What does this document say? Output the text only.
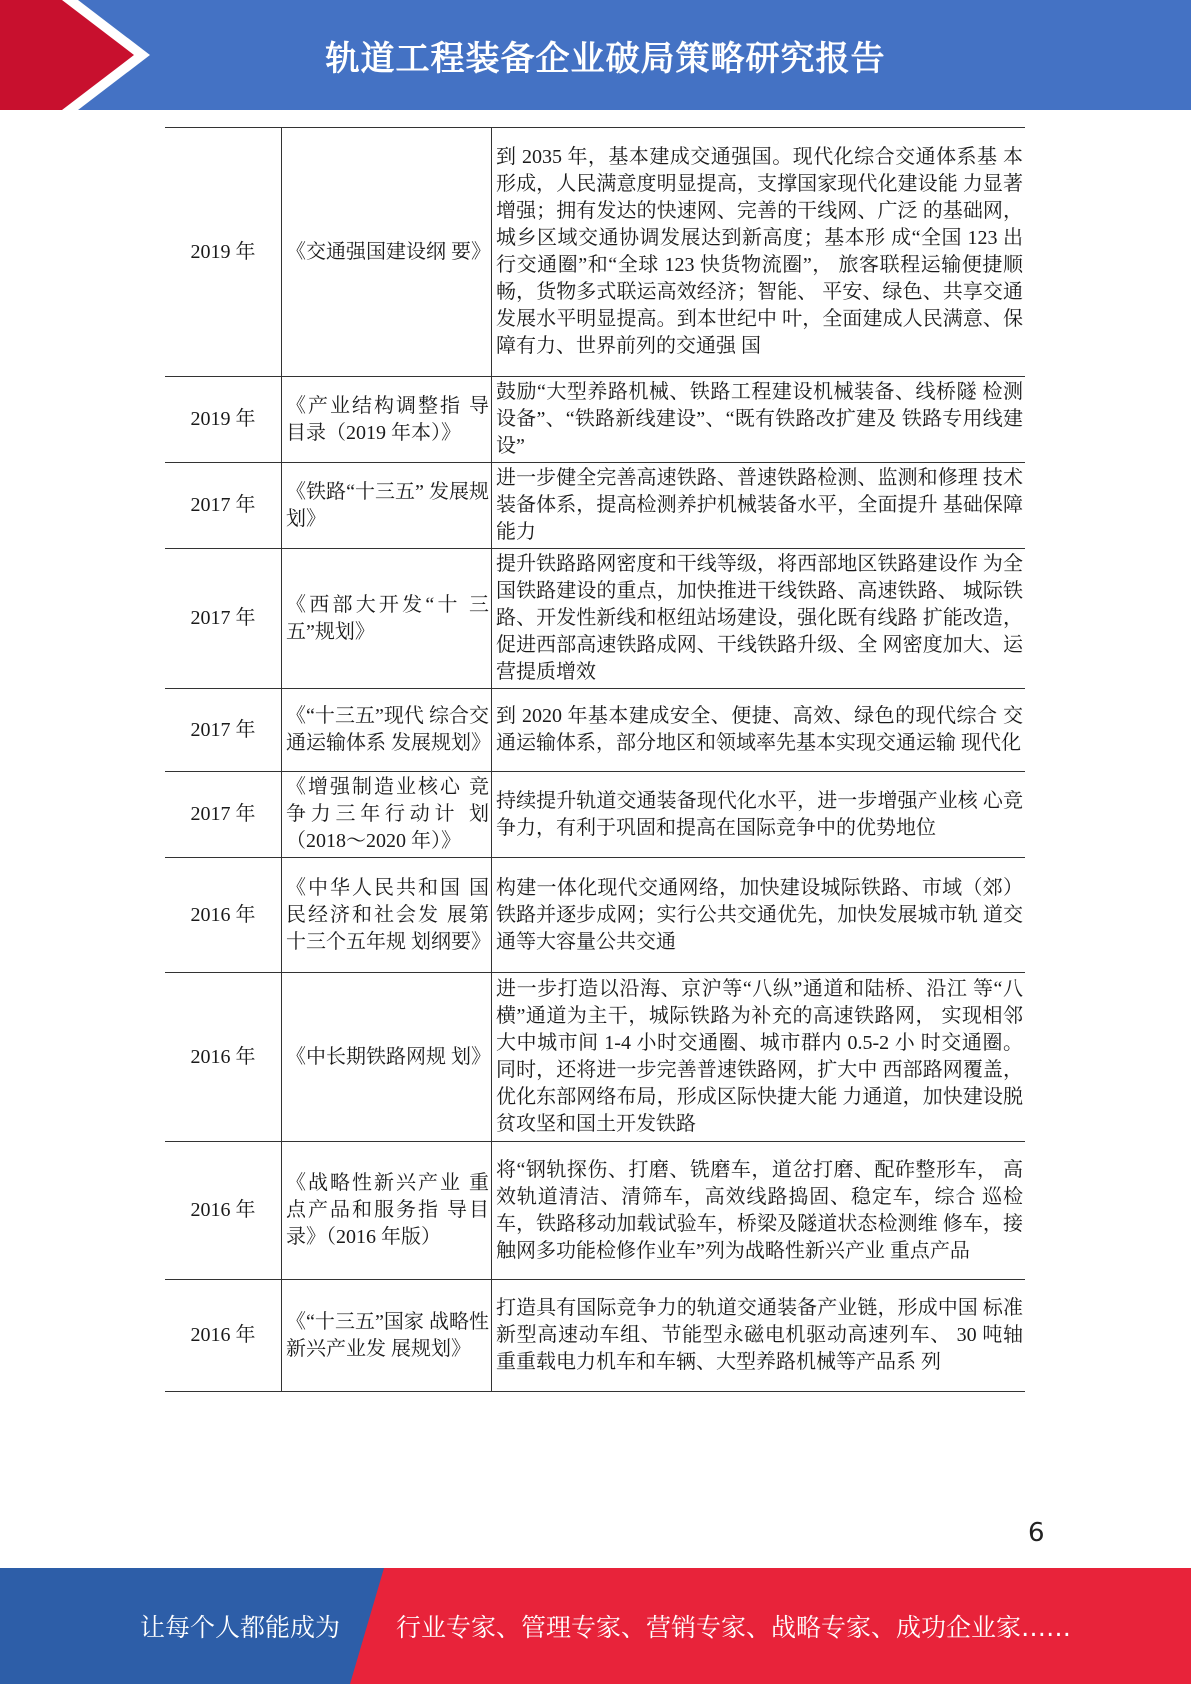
轨道工程装备企业破局策略研究报告
2019 年	《交通强国建设纲 要》	到 2035 年，基本建成交通强国。现代化综合交通体系基 本形成，人民满意度明显提高，支撑国家现代化建设能 力显著增强；拥有发达的快速网、完善的干线网、广泛 的基础网，城乡区域交通协调发展达到新高度；基本形 成“全国 123 出行交通圈”和“全球 123 快货物流圈”， 旅客联程运输便捷顺畅，货物多式联运高效经济；智能、 平安、绿色、共享交通发展水平明显提高。到本世纪中 叶，全面建成人民满意、保障有力、世界前列的交通强 国
2019 年	《产业结构调整指 导目录（2019 年本）》	鼓励“大型养路机械、铁路工程建设机械装备、线桥隧 检测设备”、“铁路新线建设”、“既有铁路改扩建及 铁路专用线建设”
2017 年	《铁路“十三五” 发展规划》	进一步健全完善高速铁路、普速铁路检测、监测和修理 技术装备体系，提高检测养护机械装备水平，全面提升 基础保障能力
2017 年	《西部大开发“十 三五”规划》	提升铁路路网密度和干线等级，将西部地区铁路建设作 为全国铁路建设的重点，加快推进干线铁路、高速铁路、 城际铁路、开发性新线和枢纽站场建设，强化既有线路 扩能改造，促进西部高速铁路成网、干线铁路升级、全 网密度加大、运营提质增效
2017 年	《“十三五”现代 综合交通运输体系 发展规划》	到 2020 年基本建成安全、便捷、高效、绿色的现代综合 交通运输体系，部分地区和领域率先基本实现交通运输 现代化
2017 年	《增强制造业核心 竞争力三年行动计 划（2018～2020 年）》	持续提升轨道交通装备现代化水平，进一步增强产业核 心竞争力，有利于巩固和提高在国际竞争中的优势地位
2016 年	《中华人民共和国 国民经济和社会发 展第十三个五年规 划纲要》	构建一体化现代交通网络，加快建设城际铁路、市域（郊） 铁路并逐步成网；实行公共交通优先，加快发展城市轨 道交通等大容量公共交通
2016 年	《中长期铁路网规 划》	进一步打造以沿海、京沪等“八纵”通道和陆桥、沿江 等“八横”通道为主干，城际铁路为补充的高速铁路网， 实现相邻大中城市间 1-4 小时交通圈、城市群内 0.5-2 小 时交通圈。同时，还将进一步完善普速铁路网，扩大中 西部路网覆盖，优化东部网络布局，形成区际快捷大能 力通道，加快建设脱贫攻坚和国土开发铁路
2016 年	《战略性新兴产业 重点产品和服务指 导目录》（2016 年版）	将“钢轨探伤、打磨、铣磨车，道岔打磨、配砟整形车， 高效轨道清洁、清筛车，高效线路捣固、稳定车，综合 巡检车，铁路移动加载试验车，桥梁及隧道状态检测维 修车，接触网多功能检修作业车”列为战略性新兴产业 重点产品
2016 年	《“十三五”国家 战略性新兴产业发 展规划》	打造具有国际竞争力的轨道交通装备产业链，形成中国 标准新型高速动车组、节能型永磁电机驱动高速列车、 30 吨轴重重载电力机车和车辆、大型养路机械等产品系 列
6
让每个人都能成为 行业专家、管理专家、营销专家、战略专家、成功企业家……
